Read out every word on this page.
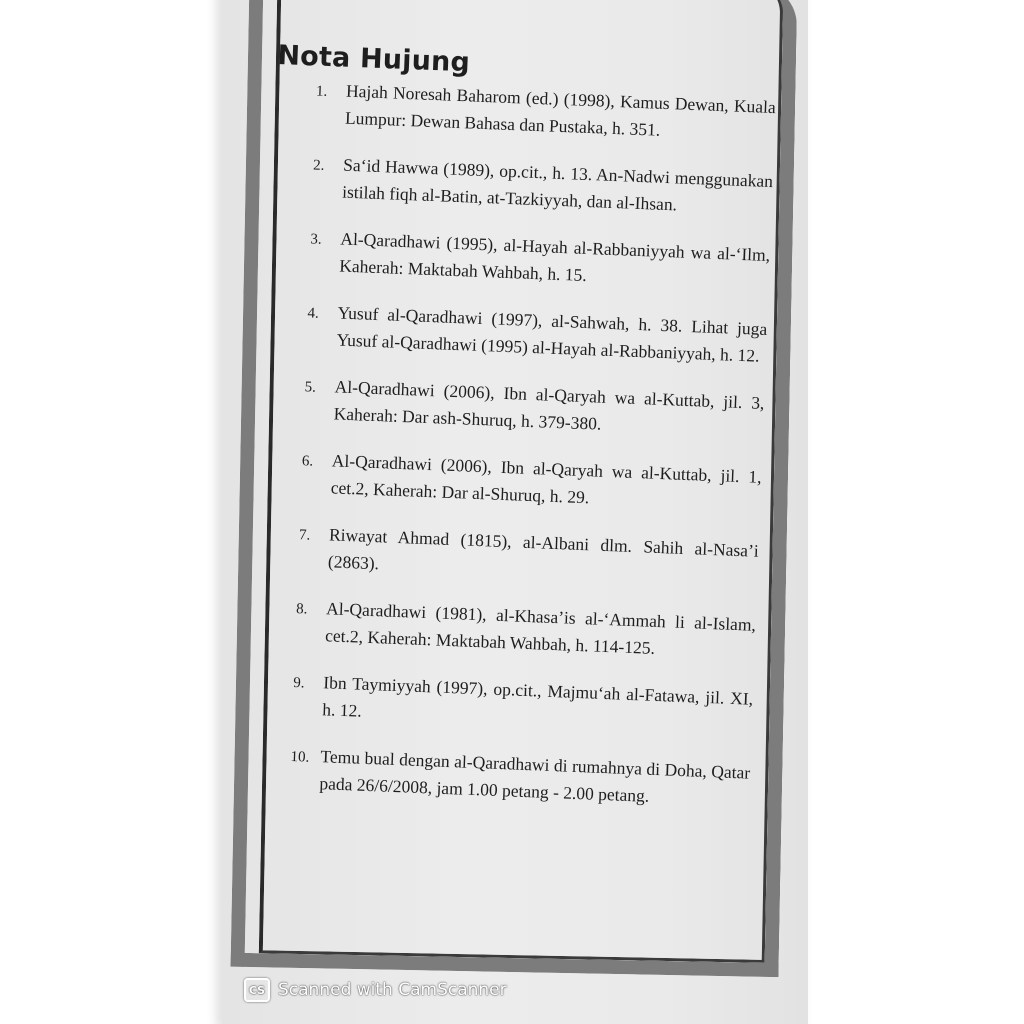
Nota Hujung
1.	Hajah Noresah Baharom (ed.) (1998), Kamus Dewan, Kuala Lumpur: Dewan Bahasa dan Pustaka, h. 351.
2.	Sa‘id Hawwa (1989), op.cit., h. 13. An-Nadwi menggunakan istilah fiqh al-Batin, at-Tazkiyyah, dan al-Ihsan.
3.	Al-Qaradhawi (1995), al-Hayah al-Rabbaniyyah wa al-‘Ilm, Kaherah: Maktabah Wahbah, h. 15.
4.	Yusuf al-Qaradhawi (1997), al-Sahwah, h. 38. Lihat juga Yusuf al-Qaradhawi (1995) al-Hayah al-Rabbaniyyah, h. 12.
5.	Al-Qaradhawi (2006), Ibn al-Qaryah wa al-Kuttab, jil. 3, Kaherah: Dar ash-Shuruq, h. 379-380.
6.	Al-Qaradhawi (2006), Ibn al-Qaryah wa al-Kuttab, jil. 1, cet.2, Kaherah: Dar al-Shuruq, h. 29.
7.	Riwayat Ahmad (1815), al-Albani dlm. Sahih al-Nasa’i (2863).
8.	Al-Qaradhawi (1981), al-Khasa’is al-‘Ammah li al-Islam, cet.2, Kaherah: Maktabah Wahbah, h. 114-125.
9.	Ibn Taymiyyah (1997), op.cit., Majmu‘ah al-Fatawa, jil. XI, h. 12.
10. Temu bual dengan al-Qaradhawi di rumahnya di Doha, Qatar pada 26/6/2008, jam 1.00 petang - 2.00 petang.
CS Scanned with CamScanner
